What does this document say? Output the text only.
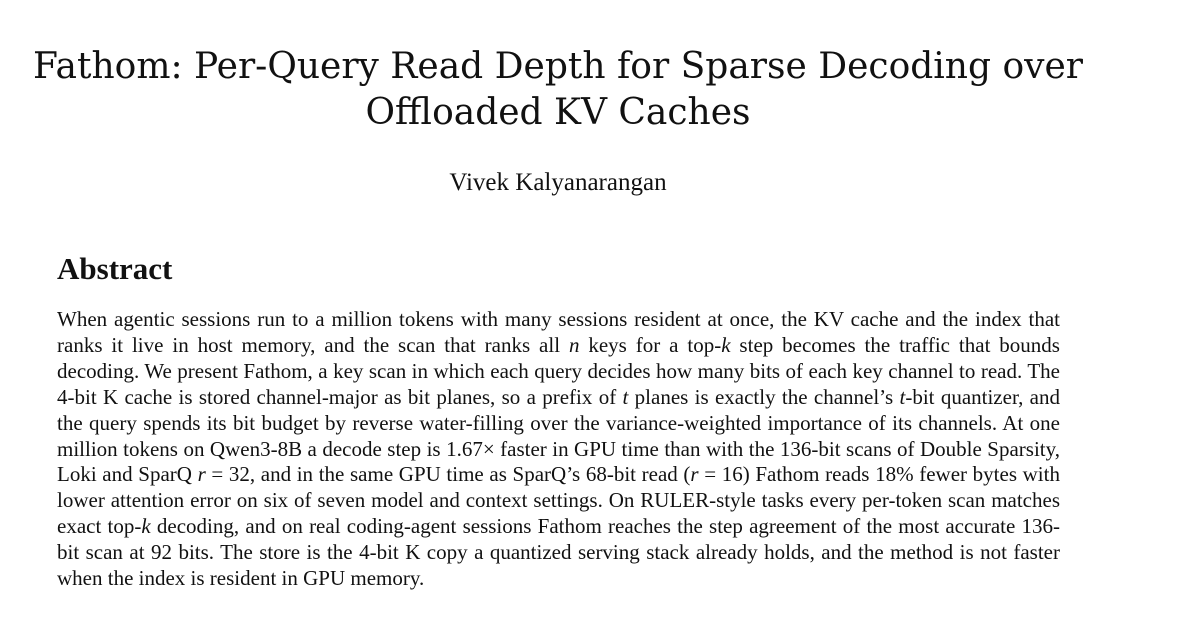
Fathom: Per-Query Read Depth for Sparse Decoding over Offloaded KV Caches
Vivek Kalyanarangan
Abstract

When agentic sessions run to a million tokens with many sessions resident at once, the KV cache and the index that ranks it live in host memory, and the scan that ranks all n keys for a top-k step becomes the traffic that bounds decoding. We present Fathom, a key scan in which each query decides how many bits of each key channel to read. The 4-bit K cache is stored channel-major as bit planes, so a prefix of t planes is exactly the channel’s t-bit quantizer, and the query spends its bit budget by reverse water-filling over the variance-weighted importance of its channels. At one million tokens on Qwen3-8B a decode step is 1.67× faster in GPU time than with the 136-bit scans of Double Sparsity, Loki and SparQ r = 32, and in the same GPU time as SparQ’s 68-bit read (r = 16) Fathom reads 18% fewer bytes with lower attention error on six of seven model and context settings. On RULER-style tasks every per-token scan matches exact top-k decoding, and on real coding-agent sessions Fathom reaches the step agreement of the most accurate 136-bit scan at 92 bits. The store is the 4-bit K copy a quantized serving stack already holds, and the method is not faster when the index is resident in GPU memory.
